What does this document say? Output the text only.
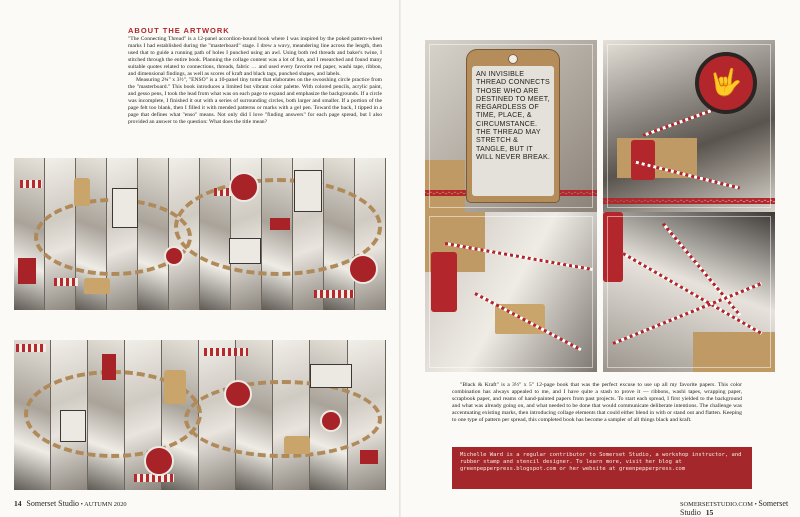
ABOUT THE ARTWORK

"The Connecting Thread" is a 12-panel accordion-bound book where I was inspired by the poked pattern-wheel marks I had established during the "masterboard" stage. I drew a wavy, meandering line across the length, then used that to guide a running path of holes I punched using an awl. Using both red threads and baker's twine, I stitched through the entire book. Planning the collage content was a lot of fun, and I researched and found many suitable quotes related to connections, threads, fabric … and used every favorite red paper, washi tape, ribbon, and dimensional findings, as well as scores of kraft and black tags, punched shapes, and labels.

Measuring 2¾" x 3½", "ENSO" is a 10-panel tiny tome that elaborates on the swooshing circle practice from the "masterboard." This book introduces a limited but vibrant color palette. With colored pencils, acrylic paint, and gesso pens, I took the lead from what was on each page to expand and emphasize the backgrounds. If a circle was incomplete, I finished it out with a series of surrounding circles, both larger and smaller. If a portion of the page felt too blank, then I filled it with mended patterns or marks with a gel pen. Toward the back, I tipped in a page that defines what "enso" means. Not only did I love "finding answers" for each page spread, but I also provided an answer to the question: What does the title mean?

14 Somerset Studio • AUTUMN 2020
AN INVISIBLE THREAD CONNECTS THOSE WHO ARE DESTINED TO MEET, REGARDLESS OF TIME, PLACE, & CIRCUMSTANCE. THE THREAD MAY STRETCH & TANGLE, BUT IT WILL NEVER BREAK.
🤟

"Black & Kraft" is a 3½" x 5" 12-page book that was the perfect excuse to use up all my favorite papers. This color combination has always appealed to me, and I have quite a stash to prove it — ribbons, washi tapes, wrapping paper, scrapbook paper, and reams of hand-painted papers from past projects. To start each spread, I first yielded to the background and what was already going on, and what needed to be done that would communicate deliberate intentions. The challenge was accentuating existing marks, then introducing collage elements that could either blend in with or stand out and flatten. Keeping to one type of pattern per spread, this completed book has become a sampler of all things black and kraft.

Michelle Ward is a regular contributor to Somerset Studio, a workshop instructor, and rubber stamp and stencil designer. To learn more, visit her blog at greenpepperpress.blogspot.com or her website at greenpepperpress.com

SOMERSETSTUDIO.COM • Somerset Studio 15
